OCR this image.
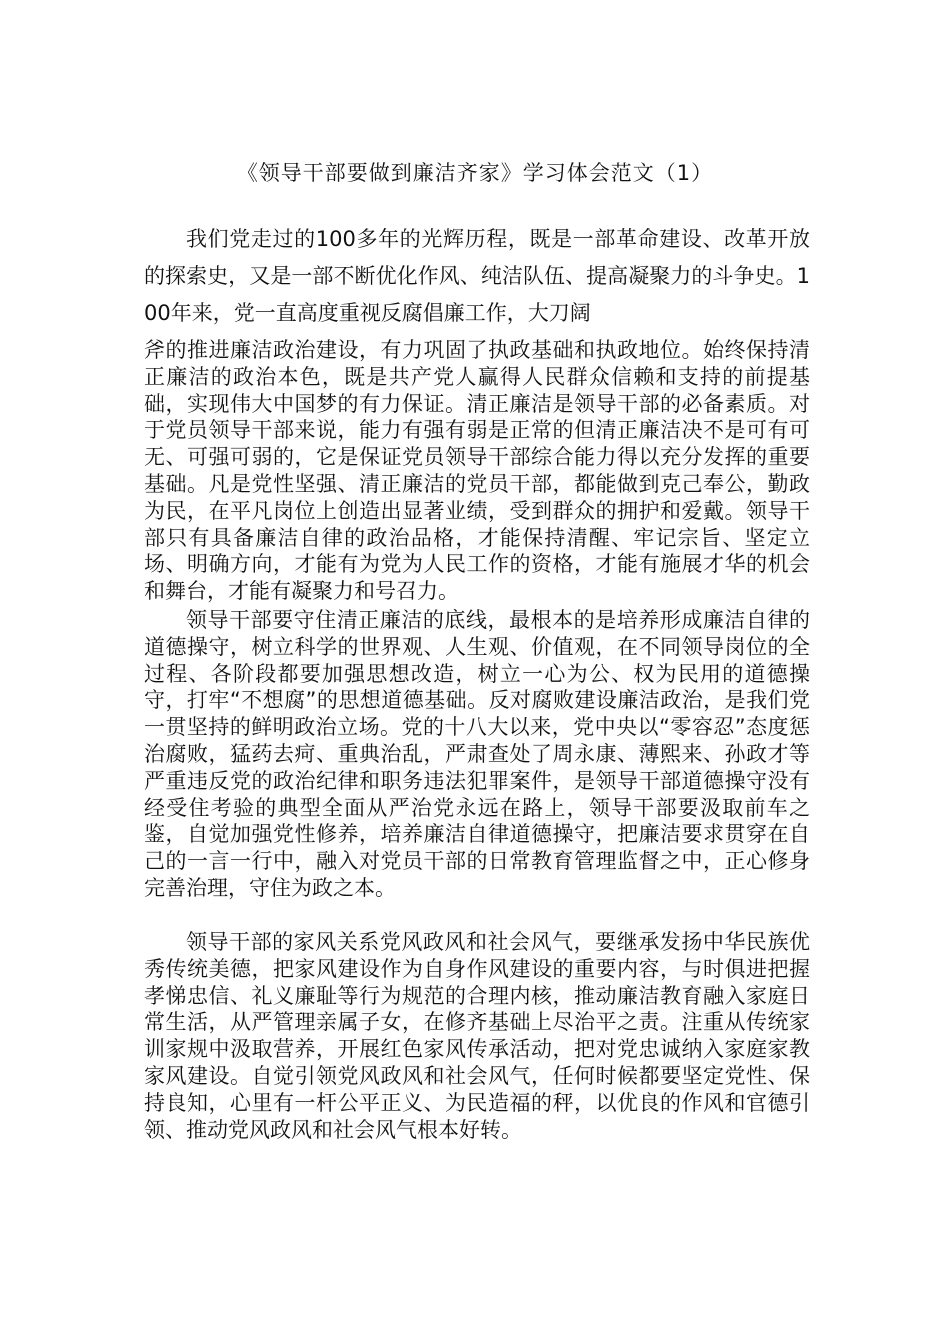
《领导干部要做到廉洁齐家》学习体会范文（1）

我们党走过的100多年的光辉历程，既是一部革命建设、改革开放的探索史，又是一部不断优化作风、纯洁队伍、提高凝聚力的斗争史。100年来，党一直高度重视反腐倡廉工作，大刀阔

斧的推进廉洁政治建设，有力巩固了执政基础和执政地位。始终保持清正廉洁的政治本色，既是共产党人赢得人民群众信赖和支持的前提基础，实现伟大中国梦的有力保证。清正廉洁是领导干部的必备素质。对于党员领导干部来说，能力有强有弱是正常的但清正廉洁决不是可有可无、可强可弱的，它是保证党员领导干部综合能力得以充分发挥的重要基础。凡是党性坚强、清正廉洁的党员干部，都能做到克己奉公，勤政为民，在平凡岗位上创造出显著业绩，受到群众的拥护和爱戴。领导干部只有具备廉洁自律的政治品格，才能保持清醒、牢记宗旨、坚定立场、明确方向，才能有为党为人民工作的资格，才能有施展才华的机会和舞台，才能有凝聚力和号召力。

领导干部要守住清正廉洁的底线，最根本的是培养形成廉洁自律的道德操守，树立科学的世界观、人生观、价值观，在不同领导岗位的全过程、各阶段都要加强思想改造，树立一心为公、权为民用的道德操守，打牢“不想腐”的思想道德基础。反对腐败建设廉洁政治，是我们党一贯坚持的鲜明政治立场。党的十八大以来，党中央以“零容忍”态度惩治腐败，猛药去疴、重典治乱，严肃查处了周永康、薄熙来、孙政才等严重违反党的政治纪律和职务违法犯罪案件，是领导干部道德操守没有经受住考验的典型全面从严治党永远在路上，领导干部要汲取前车之鉴，自觉加强党性修养，培养廉洁自律道德操守，把廉洁要求贯穿在自己的一言一行中，融入对党员干部的日常教育管理监督之中，正心修身完善治理，守住为政之本。

领导干部的家风关系党风政风和社会风气，要继承发扬中华民族优秀传统美德，把家风建设作为自身作风建设的重要内容，与时俱进把握孝悌忠信、礼义廉耻等行为规范的合理内核，推动廉洁教育融入家庭日常生活，从严管理亲属子女，在修齐基础上尽治平之责。注重从传统家训家规中汲取营养，开展红色家风传承活动，把对党忠诚纳入家庭家教家风建设。自觉引领党风政风和社会风气，任何时候都要坚定党性、保持良知，心里有一杆公平正义、为民造福的秤，以优良的作风和官德引领、推动党风政风和社会风气根本好转。
